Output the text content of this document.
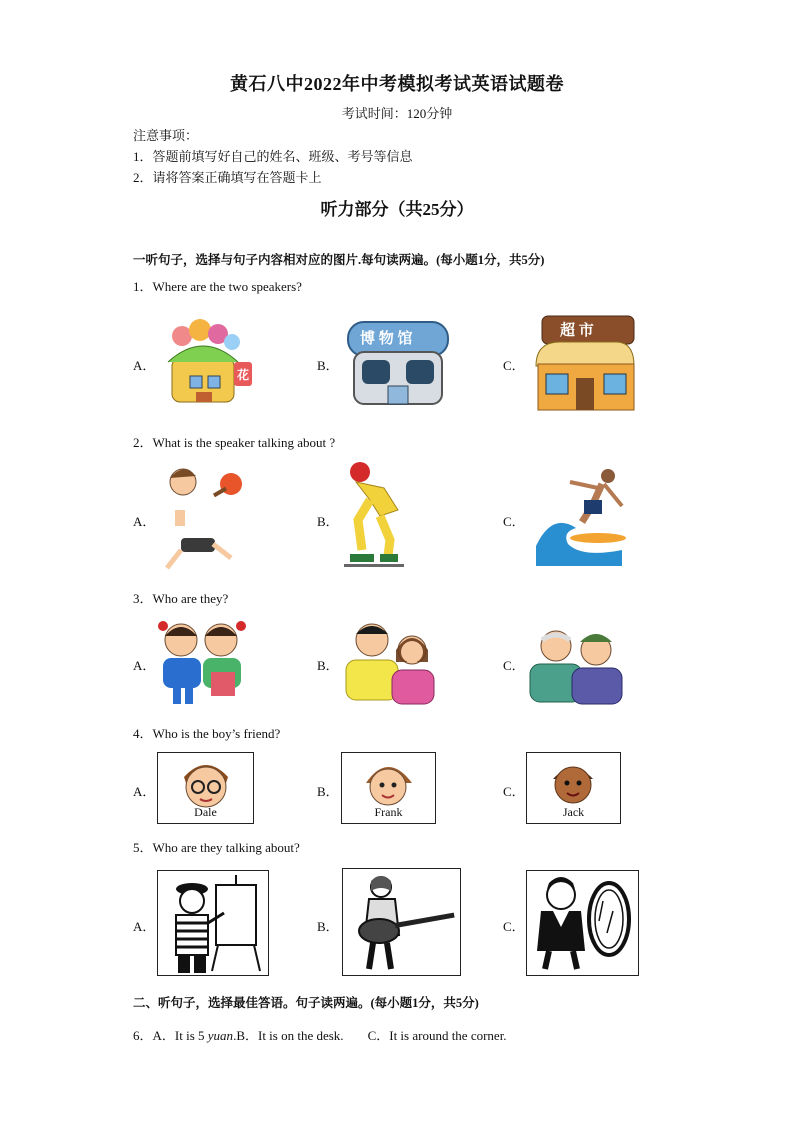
黄石八中2022年中考模拟考试英语试题卷
考试时间：120分钟
注意事项：
1．答题前填写好自己的姓名、班级、考号等信息
2．请将答案正确填写在答题卡上
听力部分（共25分）
一听句子，选择与句子内容相对应的图片.每句读两遍。(每小题1分，共5分)
1．Where are the two speakers?
A．	B．	C．
花
博 物 馆	超 市
2．What is the speaker talking about ?
A．	B．	C．
3．Who are they?
A．	B．	C．
4．Who is the boy’s friend?
A．	B．	C．
Dale	Frank	Jack
5．Who are they talking about?
A．	B．	C．
二、听句子，选择最佳答语。句子读两遍。(每小题1分，共5分)
6．A．It is 5 yuan.B．It is on the desk. C．It is around the corner.
